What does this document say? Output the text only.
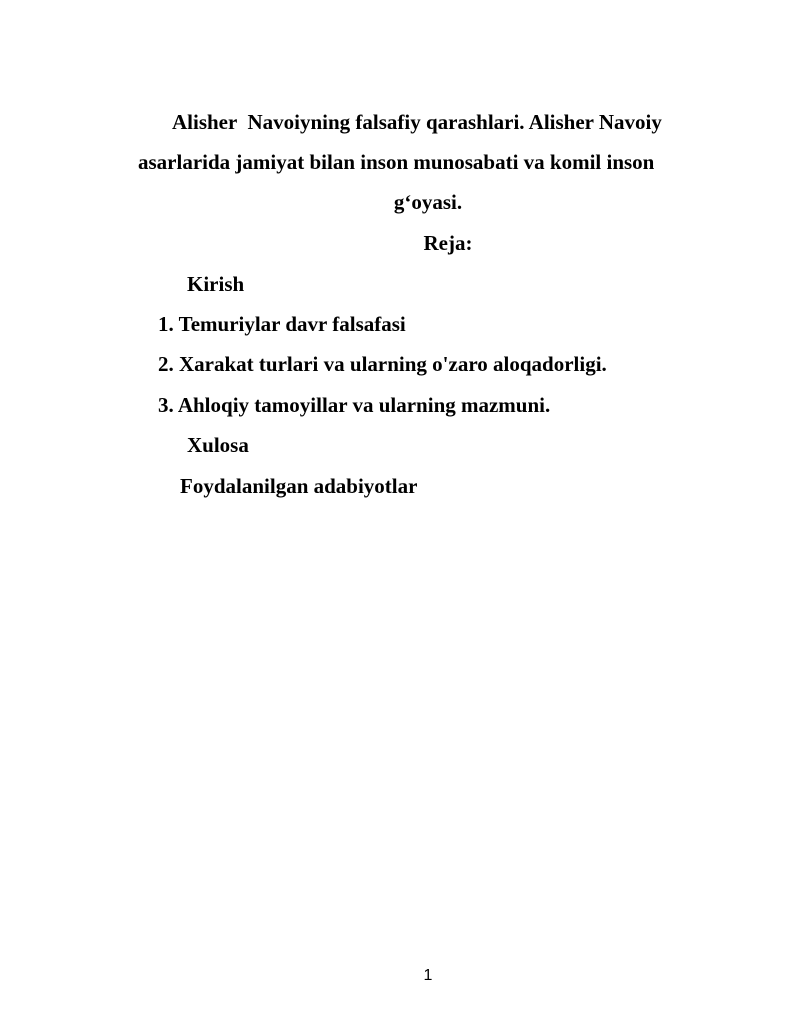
Alisher  Navoiyning falsafiy qarashlari. Alisher Navoiy
asarlarida jamiyat bilan inson munosabati va komil inson
g‘oyasi.
Reja:
Kirish
1. Temuriylar davr falsafasi
2. Xarakat turlari va ularning o'zaro aloqadorligi.
3. Ahloqiy tamoyillar va ularning mazmuni.
Xulosa
Foydalanilgan adabiyotlar
1
